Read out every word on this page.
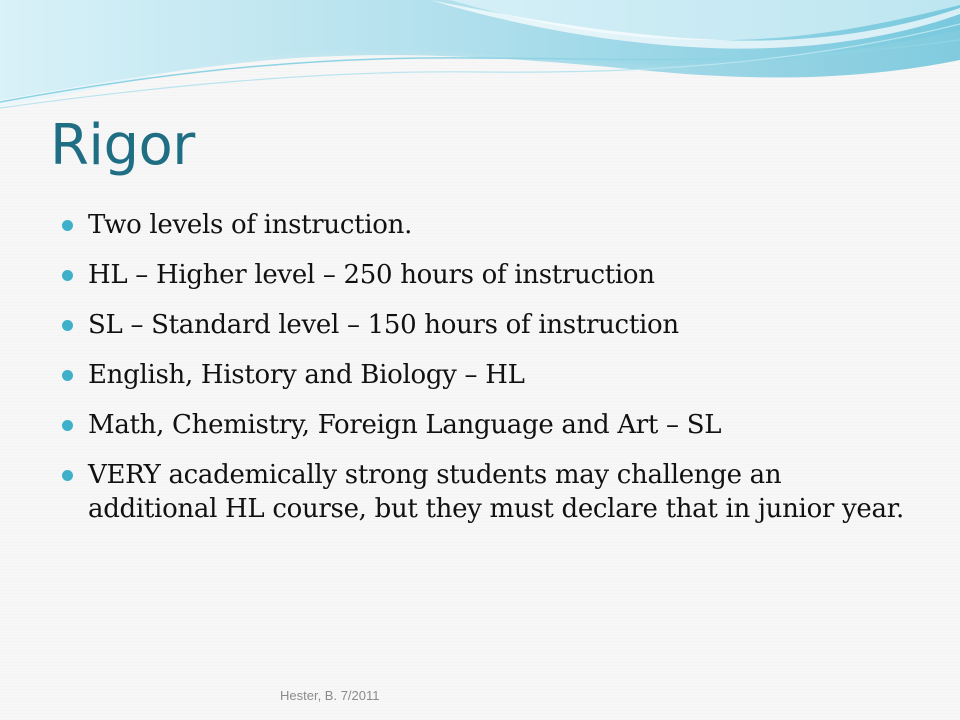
Rigor
Two levels of instruction.
HL – Higher level – 250 hours of instruction
SL – Standard level – 150 hours of instruction
English, History and Biology – HL
Math, Chemistry, Foreign Language and Art – SL
VERY academically strong students may challenge an additional HL course, but they must declare that in junior year.
Hester, B. 7/2011
